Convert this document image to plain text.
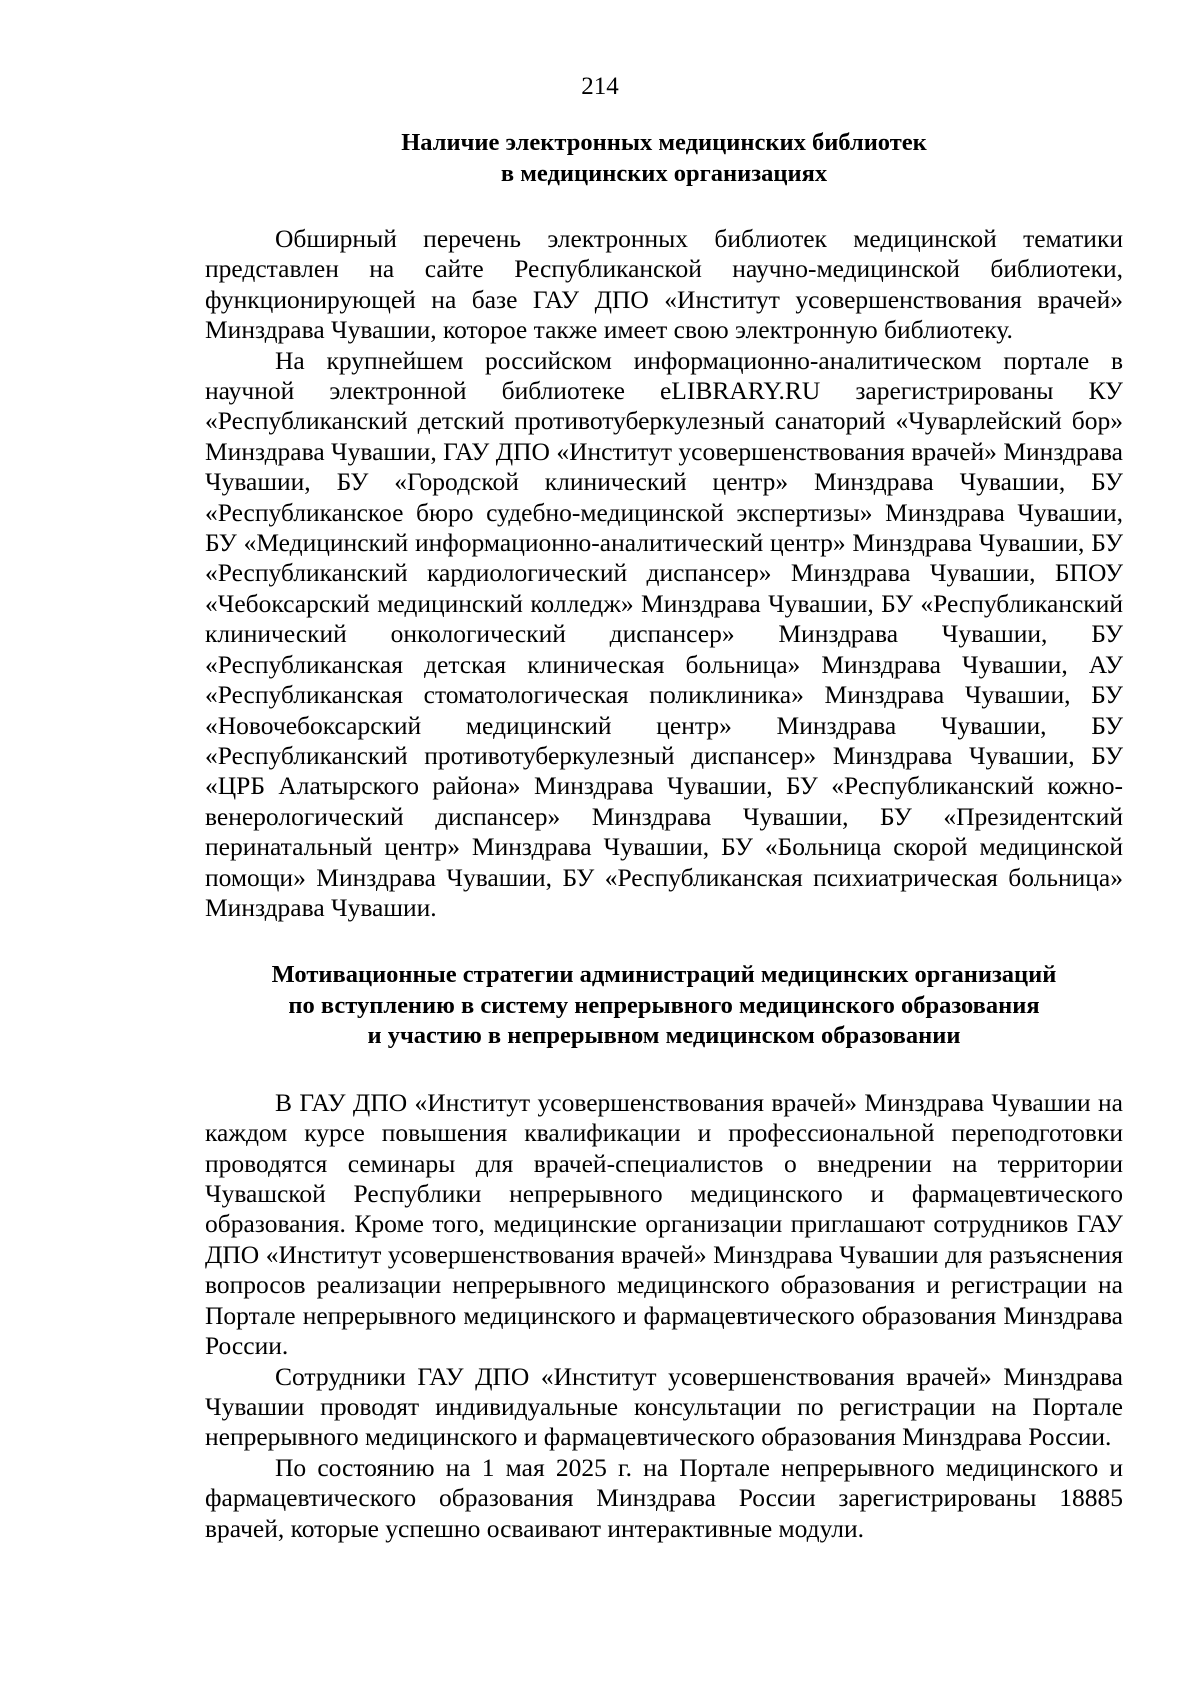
214
Наличие электронных медицинских библиотек
в медицинских организациях

Обширный перечень электронных библиотек медицинской тематики представлен на сайте Республиканской научно-медицинской библиотеки, функционирующей на базе ГАУ ДПО «Институт усовершенствования врачей» Минздрава Чувашии, которое также имеет свою электронную библиотеку.

На крупнейшем российском информационно-аналитическом портале в научной электронной библиотеке eLIBRARY.RU зарегистрированы КУ «Республиканский детский противотуберкулезный санаторий «Чуварлейский бор» Минздрава Чувашии, ГАУ ДПО «Институт усовершенствования врачей» Минздрава Чувашии, БУ «Городской клинический центр» Минздрава Чувашии, БУ «Республиканское бюро судебно-медицинской экспертизы» Минздрава Чувашии, БУ «Медицинский информационно-аналитический центр» Минздрава Чувашии, БУ «Республиканский кардиологический диспансер» Минздрава Чувашии, БПОУ «Чебоксарский медицинский колледж» Минздрава Чувашии, БУ «Республиканский клинический онкологический диспансер» Минздрава Чувашии, БУ «Республиканская детская клиническая больница» Минздрава Чувашии, АУ «Республиканская стоматологическая поликлиника» Минздрава Чувашии, БУ «Новочебоксарский медицинский центр» Минздрава Чувашии, БУ «Республиканский противотуберкулезный диспансер» Минздрава Чувашии, БУ «ЦРБ Алатырского района» Минздрава Чувашии, БУ «Республиканский кожно-венерологический диспансер» Минздрава Чувашии, БУ «Президентский перинатальный центр» Минздрава Чувашии, БУ «Больница скорой медицинской помощи» Минздрава Чувашии, БУ «Республиканская психиатрическая больница» Минздрава Чувашии.

Мотивационные стратегии администраций медицинских организаций
по вступлению в систему непрерывного медицинского образования
и участию в непрерывном медицинском образовании

В ГАУ ДПО «Институт усовершенствования врачей» Минздрава Чувашии на каждом курсе повышения квалификации и профессиональной переподготовки проводятся семинары для врачей-специалистов о внедрении на территории Чувашской Республики непрерывного медицинского и фармацевтического образования. Кроме того, медицинские организации приглашают сотрудников ГАУ ДПО «Институт усовершенствования врачей» Минздрава Чувашии для разъяснения вопросов реализации непрерывного медицинского образования и регистрации на Портале непрерывного медицинского и фармацевтического образования Минздрава России.

Сотрудники ГАУ ДПО «Институт усовершенствования врачей» Минздрава Чувашии проводят индивидуальные консультации по регистрации на Портале непрерывного медицинского и фармацевтического образования Минздрава России.

По состоянию на 1 мая 2025 г. на Портале непрерывного медицинского и фармацевтического образования Минздрава России зарегистрированы 18885 врачей, которые успешно осваивают интерактивные модули.
